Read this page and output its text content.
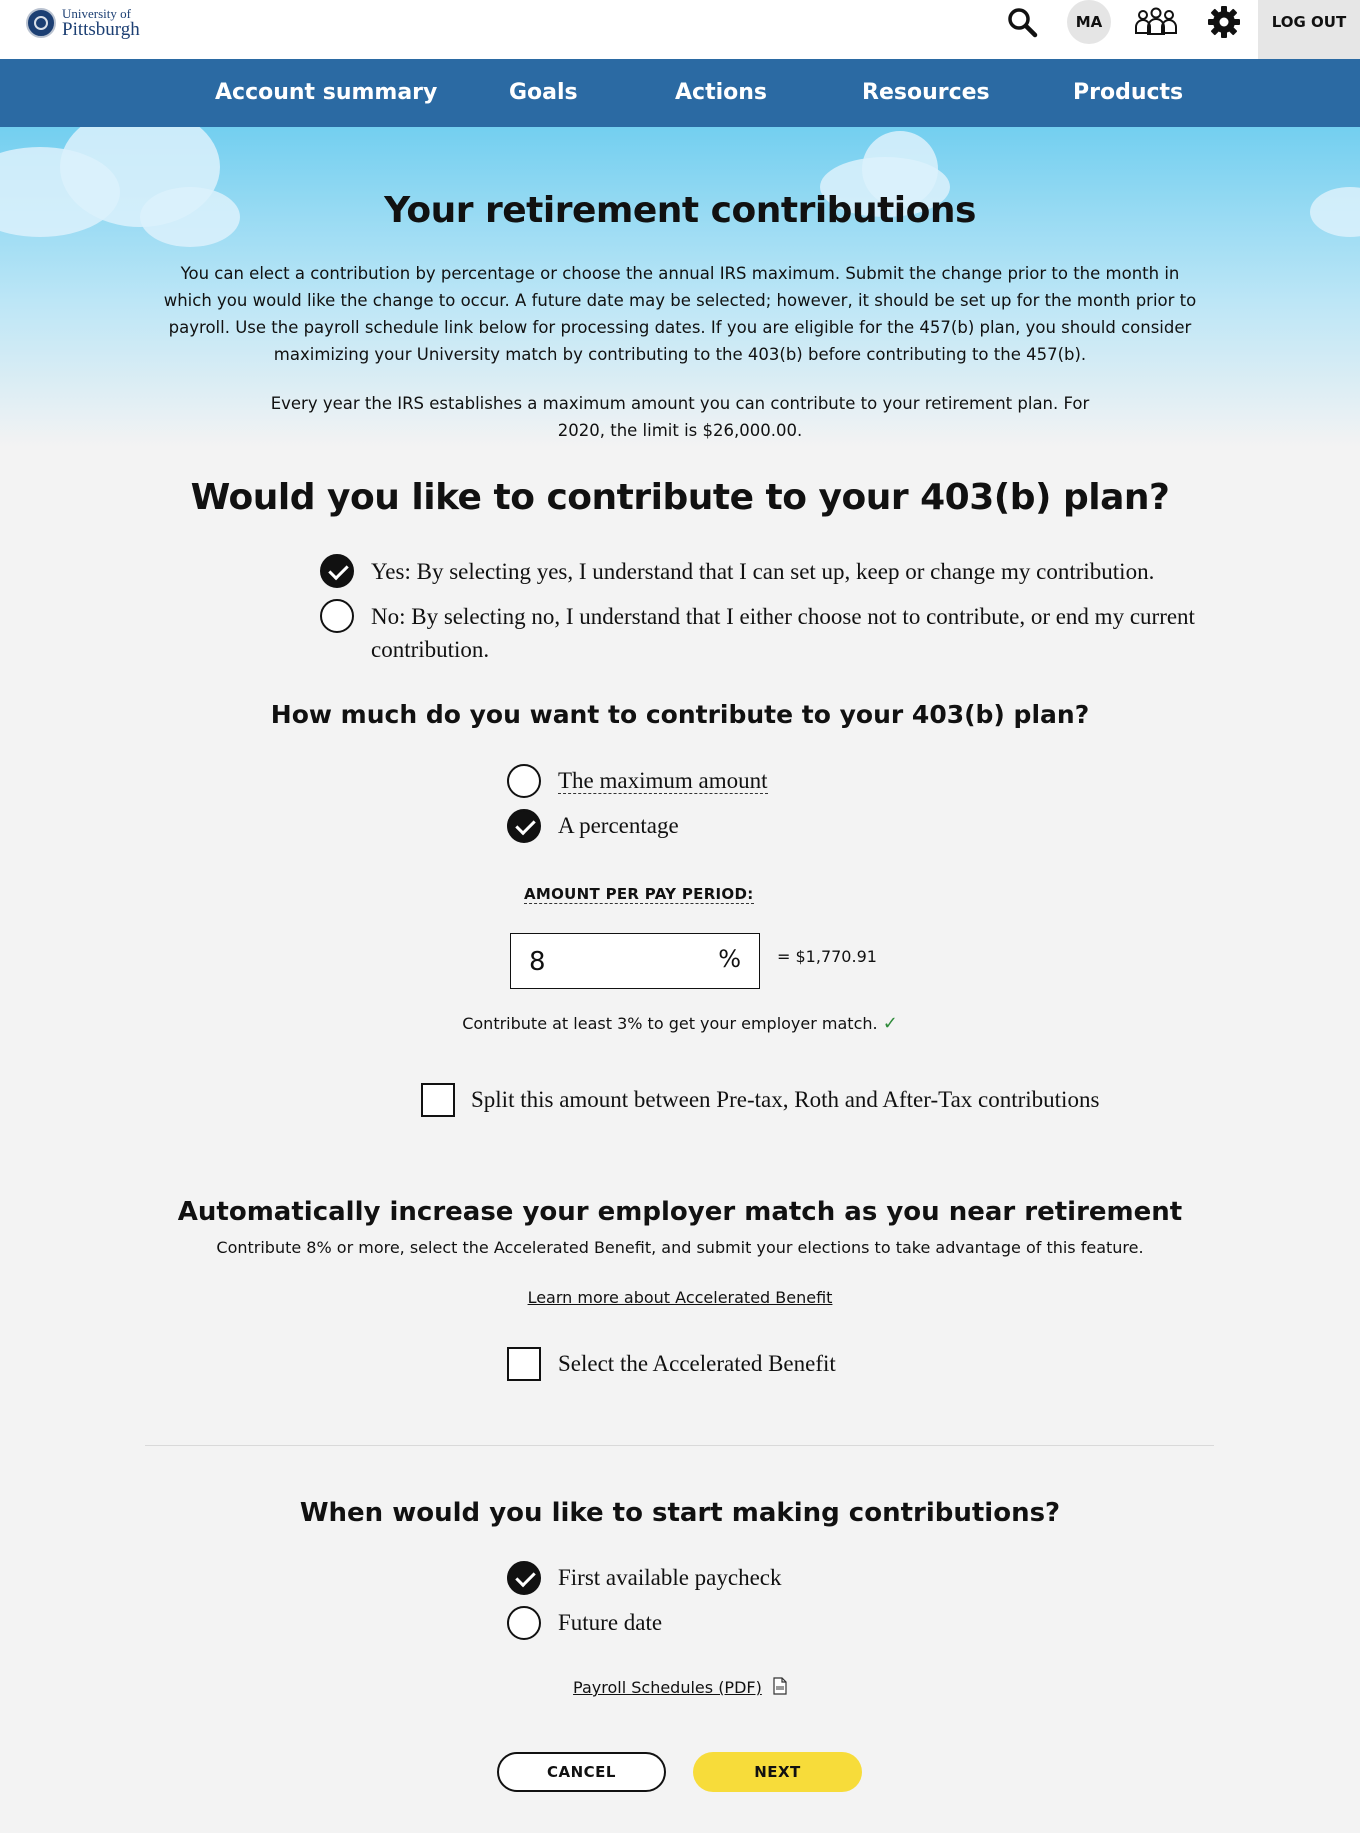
University of
Pittsburgh	MA	LOG OUT
Account summary	Goals	Actions	Resources	Products
Your retirement contributions
You can elect a contribution by percentage or choose the annual IRS maximum. Submit the change prior to the month in which you would like the change to occur. A future date may be selected; however, it should be set up for the month prior to payroll. Use the payroll schedule link below for processing dates. If you are eligible for the 457(b) plan, you should consider maximizing your University match by contributing to the 403(b) before contributing to the 457(b).
Every year the IRS establishes a maximum amount you can contribute to your retirement plan. For 2020, the limit is $26,000.00.
Would you like to contribute to your 403(b) plan?
Yes: By selecting yes, I understand that I can set up, keep or change my contribution.
No: By selecting no, I understand that I either choose not to contribute, or end my current contribution.
How much do you want to contribute to your 403(b) plan?
The maximum amount
A percentage
AMOUNT PER PAY PERIOD:
8
% = $1,770.91
Contribute at least 3% to get your employer match. ✓
Split this amount between Pre-tax, Roth and After-Tax contributions
Automatically increase your employer match as you near retirement
Contribute 8% or more, select the Accelerated Benefit, and submit your elections to take advantage of this feature.
Learn more about Accelerated Benefit
Select the Accelerated Benefit
When would you like to start making contributions?
First available paycheck
Future date
Payroll Schedules (PDF)
CANCEL	NEXT
